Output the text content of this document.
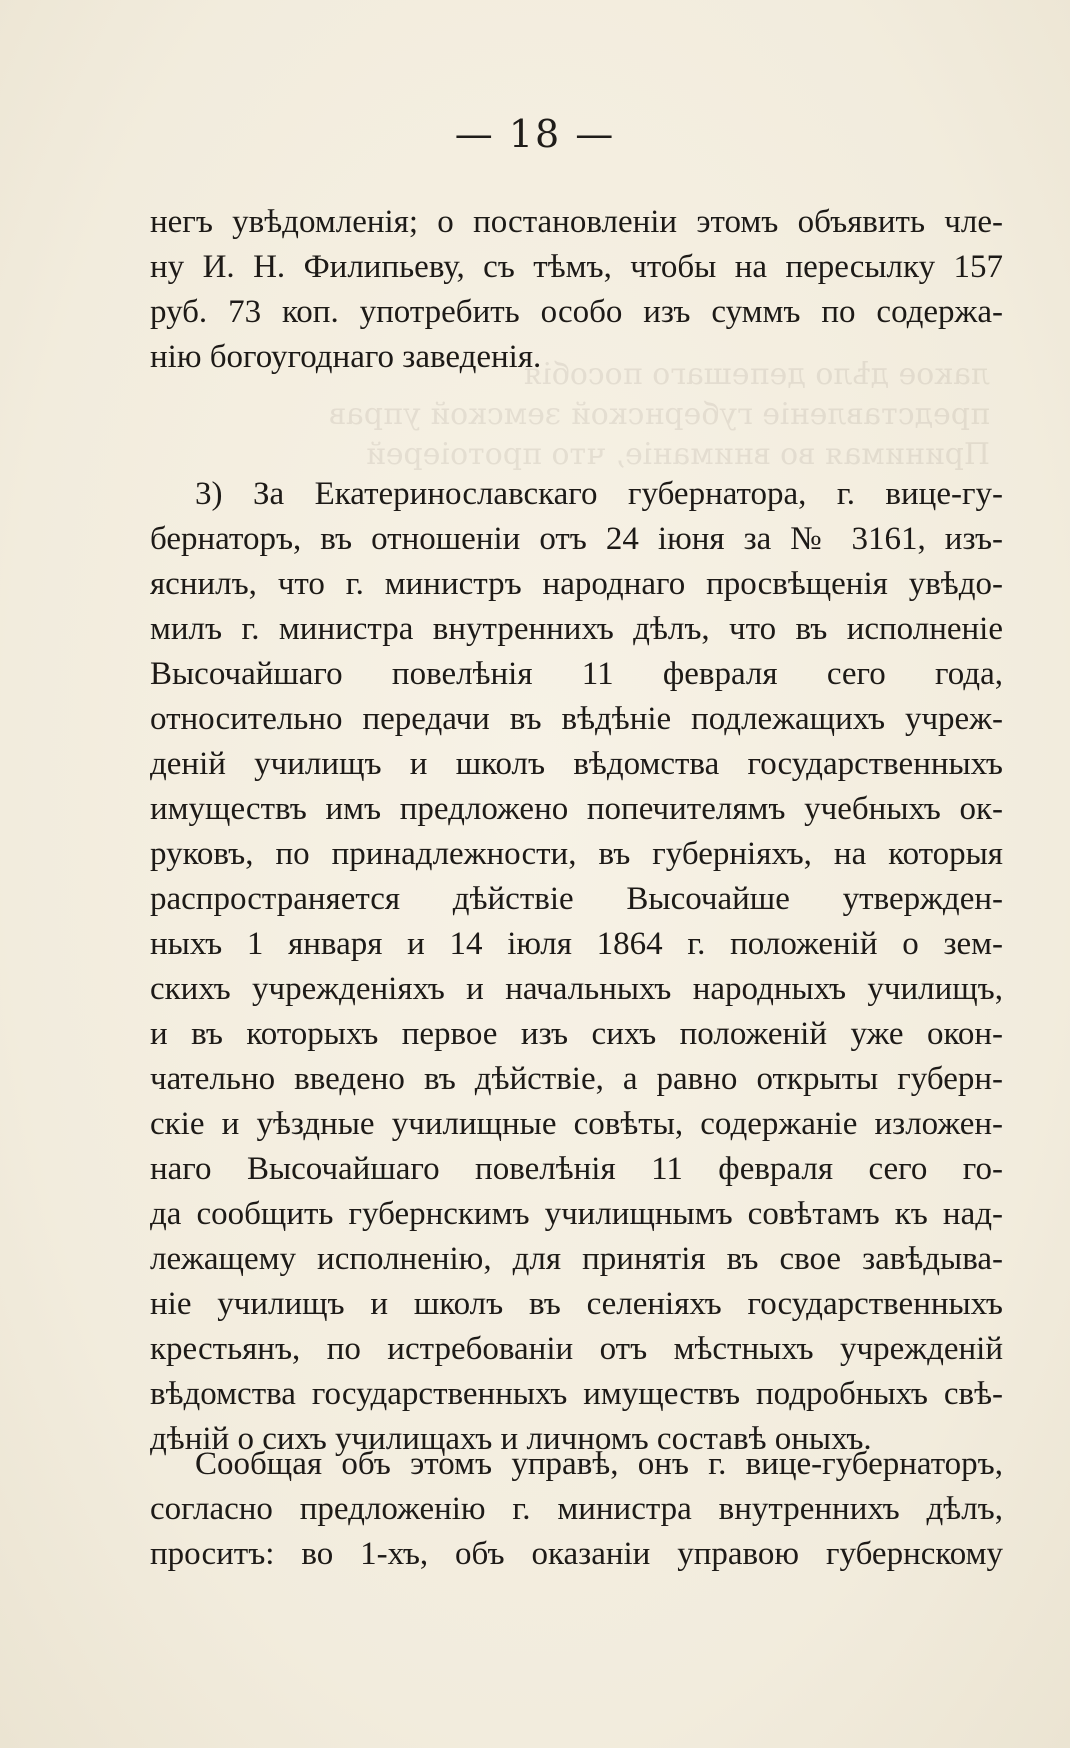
лакое дѣло депешаго пособія
представленіе губернской земской управ
Принимая во вниманіе, что протоіерей
— 18 —
негъ увѣдомленія; о постановленіи этомъ объявить чле-
ну И. Н. Филипьеву, съ тѣмъ, чтобы на пересылку 157
руб. 73 коп. употребить особо изъ суммъ по содержа-
нію богоугоднаго заведенія.
3) За Екатеринославскаго губернатора, г. вице-гу-
бернаторъ, въ отношеніи отъ 24 іюня за № 3161, изъ-
яснилъ, что г. министръ народнаго просвѣщенія увѣдо-
милъ г. министра внутреннихъ дѣлъ, что въ исполненіе
Высочайшаго повелѣнія 11 февраля сего года,
относительно передачи въ вѣдѣніе подлежащихъ учреж-
деній училищъ и школъ вѣдомства государственныхъ
имуществъ имъ предложено попечителямъ учебныхъ ок-
руковъ, по принадлежности, въ губерніяхъ, на которыя
распространяется дѣйствіе Высочайше утвержден-
ныхъ 1 января и 14 іюля 1864 г. положеній о зем-
скихъ учрежденіяхъ и начальныхъ народныхъ училищъ,
и въ которыхъ первое изъ сихъ положеній уже окон-
чательно введено въ дѣйствіе, а равно открыты губерн-
скіе и уѣздные училищные совѣты, содержаніе изложен-
наго Высочайшаго повелѣнія 11 февраля сего го-
да сообщить губернскимъ училищнымъ совѣтамъ къ над-
лежащему исполненію, для принятія въ свое завѣдыва-
ніе училищъ и школъ въ селеніяхъ государственныхъ
крестьянъ, по истребованіи отъ мѣстныхъ учрежденій
вѣдомства государственныхъ имуществъ подробныхъ свѣ-
дѣній о сихъ училищахъ и личномъ составѣ оныхъ.
Сообщая объ этомъ управѣ, онъ г. вице-губернаторъ,
согласно предложенію г. министра внутреннихъ дѣлъ,
проситъ: во 1-хъ, объ оказаніи управою губернскому
